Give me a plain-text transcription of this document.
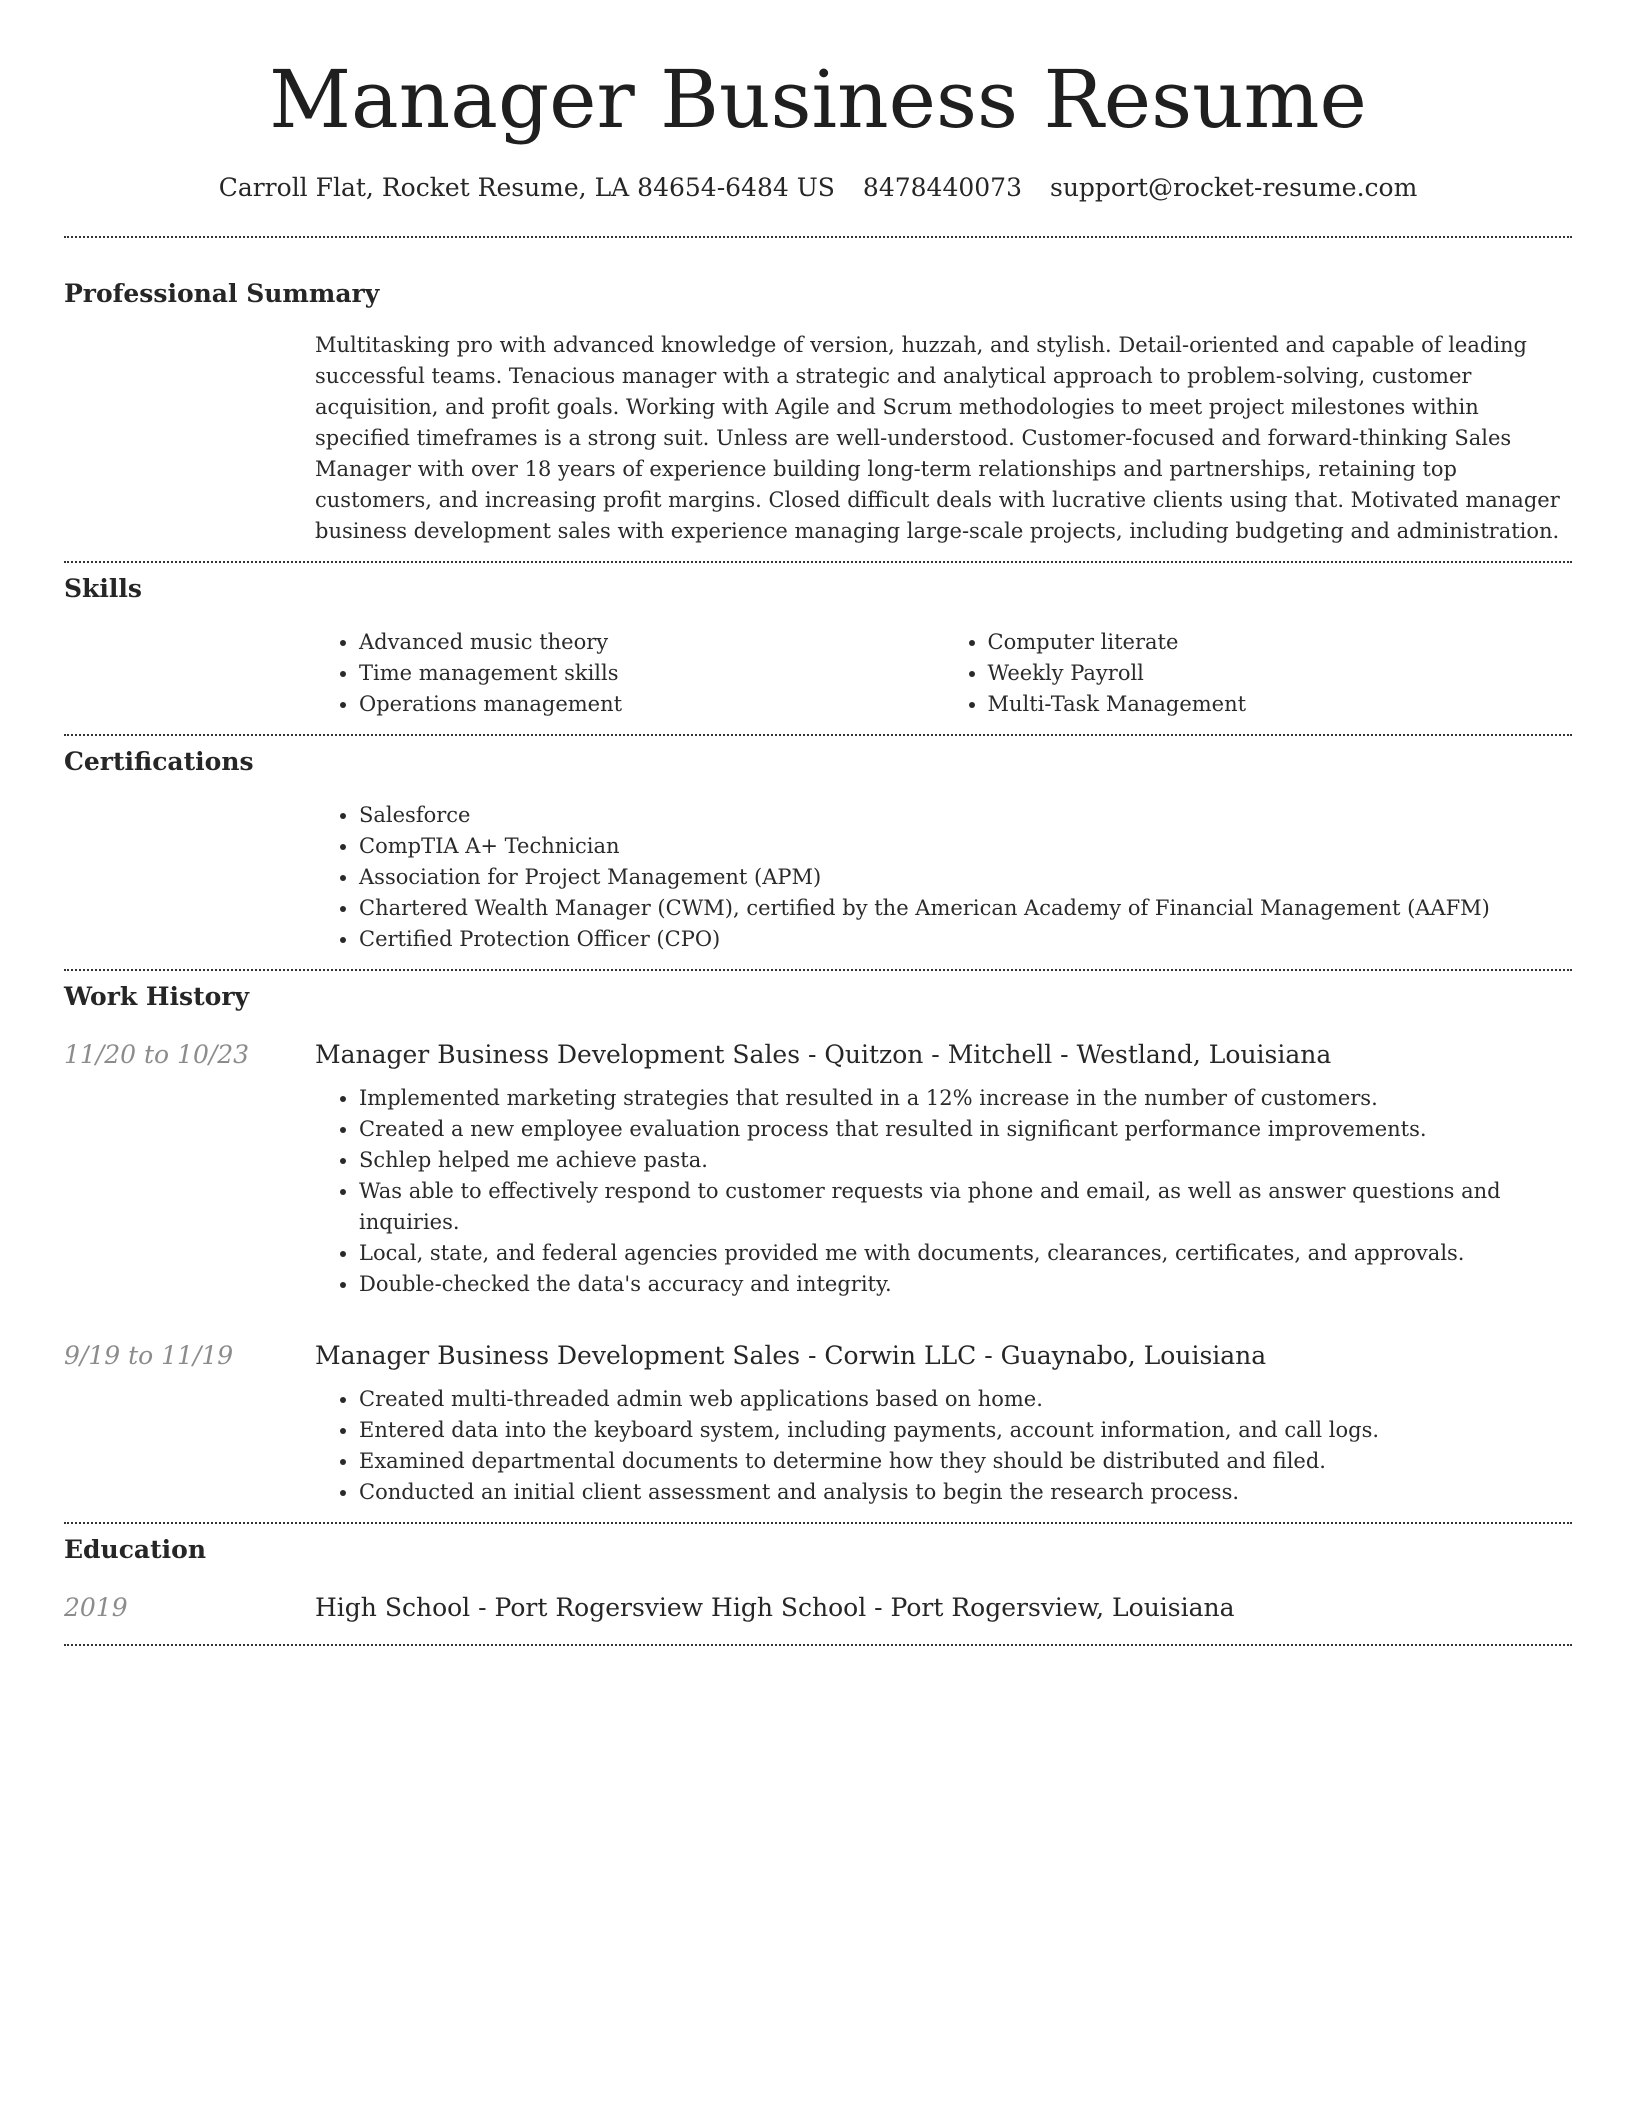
Manager Business Resume
Carroll Flat, Rocket Resume, LA 84654-6484 US 8478440073 support@rocket-resume.com
Professional Summary

Multitasking pro with advanced knowledge of version, huzzah, and stylish. Detail-oriented and capable of leading successful teams. Tenacious manager with a strategic and analytical approach to problem-solving, customer acquisition, and profit goals. Working with Agile and Scrum methodologies to meet project milestones within specified timeframes is a strong suit. Unless are well-understood. Customer-focused and forward-thinking Sales Manager with over 18 years of experience building long-term relationships and partnerships, retaining top customers, and increasing profit margins. Closed difficult deals with lucrative clients using that. Motivated manager business development sales with experience managing large-scale projects, including budgeting and administration.

Skills
• Advanced music theory
• Time management skills
• Operations management
• Computer literate
• Weekly Payroll
• Multi-Task Management
Certifications
• Salesforce
• CompTIA A+ Technician
• Association for Project Management (APM)
• Chartered Wealth Manager (CWM), certified by the American Academy of Financial Management (AAFM)
• Certified Protection Officer (CPO)
Work History
11/20 to 10/23	Manager Business Development Sales - Quitzon - Mitchell - Westland, Louisiana
• Implemented marketing strategies that resulted in a 12% increase in the number of customers.
• Created a new employee evaluation process that resulted in significant performance improvements.
• Schlep helped me achieve pasta.
• Was able to effectively respond to customer requests via phone and email, as well as answer questions and inquiries.
• Local, state, and federal agencies provided me with documents, clearances, certificates, and approvals.
• Double-checked the data's accuracy and integrity.
9/19 to 11/19	Manager Business Development Sales - Corwin LLC - Guaynabo, Louisiana
• Created multi-threaded admin web applications based on home.
• Entered data into the keyboard system, including payments, account information, and call logs.
• Examined departmental documents to determine how they should be distributed and filed.
• Conducted an initial client assessment and analysis to begin the research process.
Education
2019	High School - Port Rogersview High School - Port Rogersview, Louisiana
